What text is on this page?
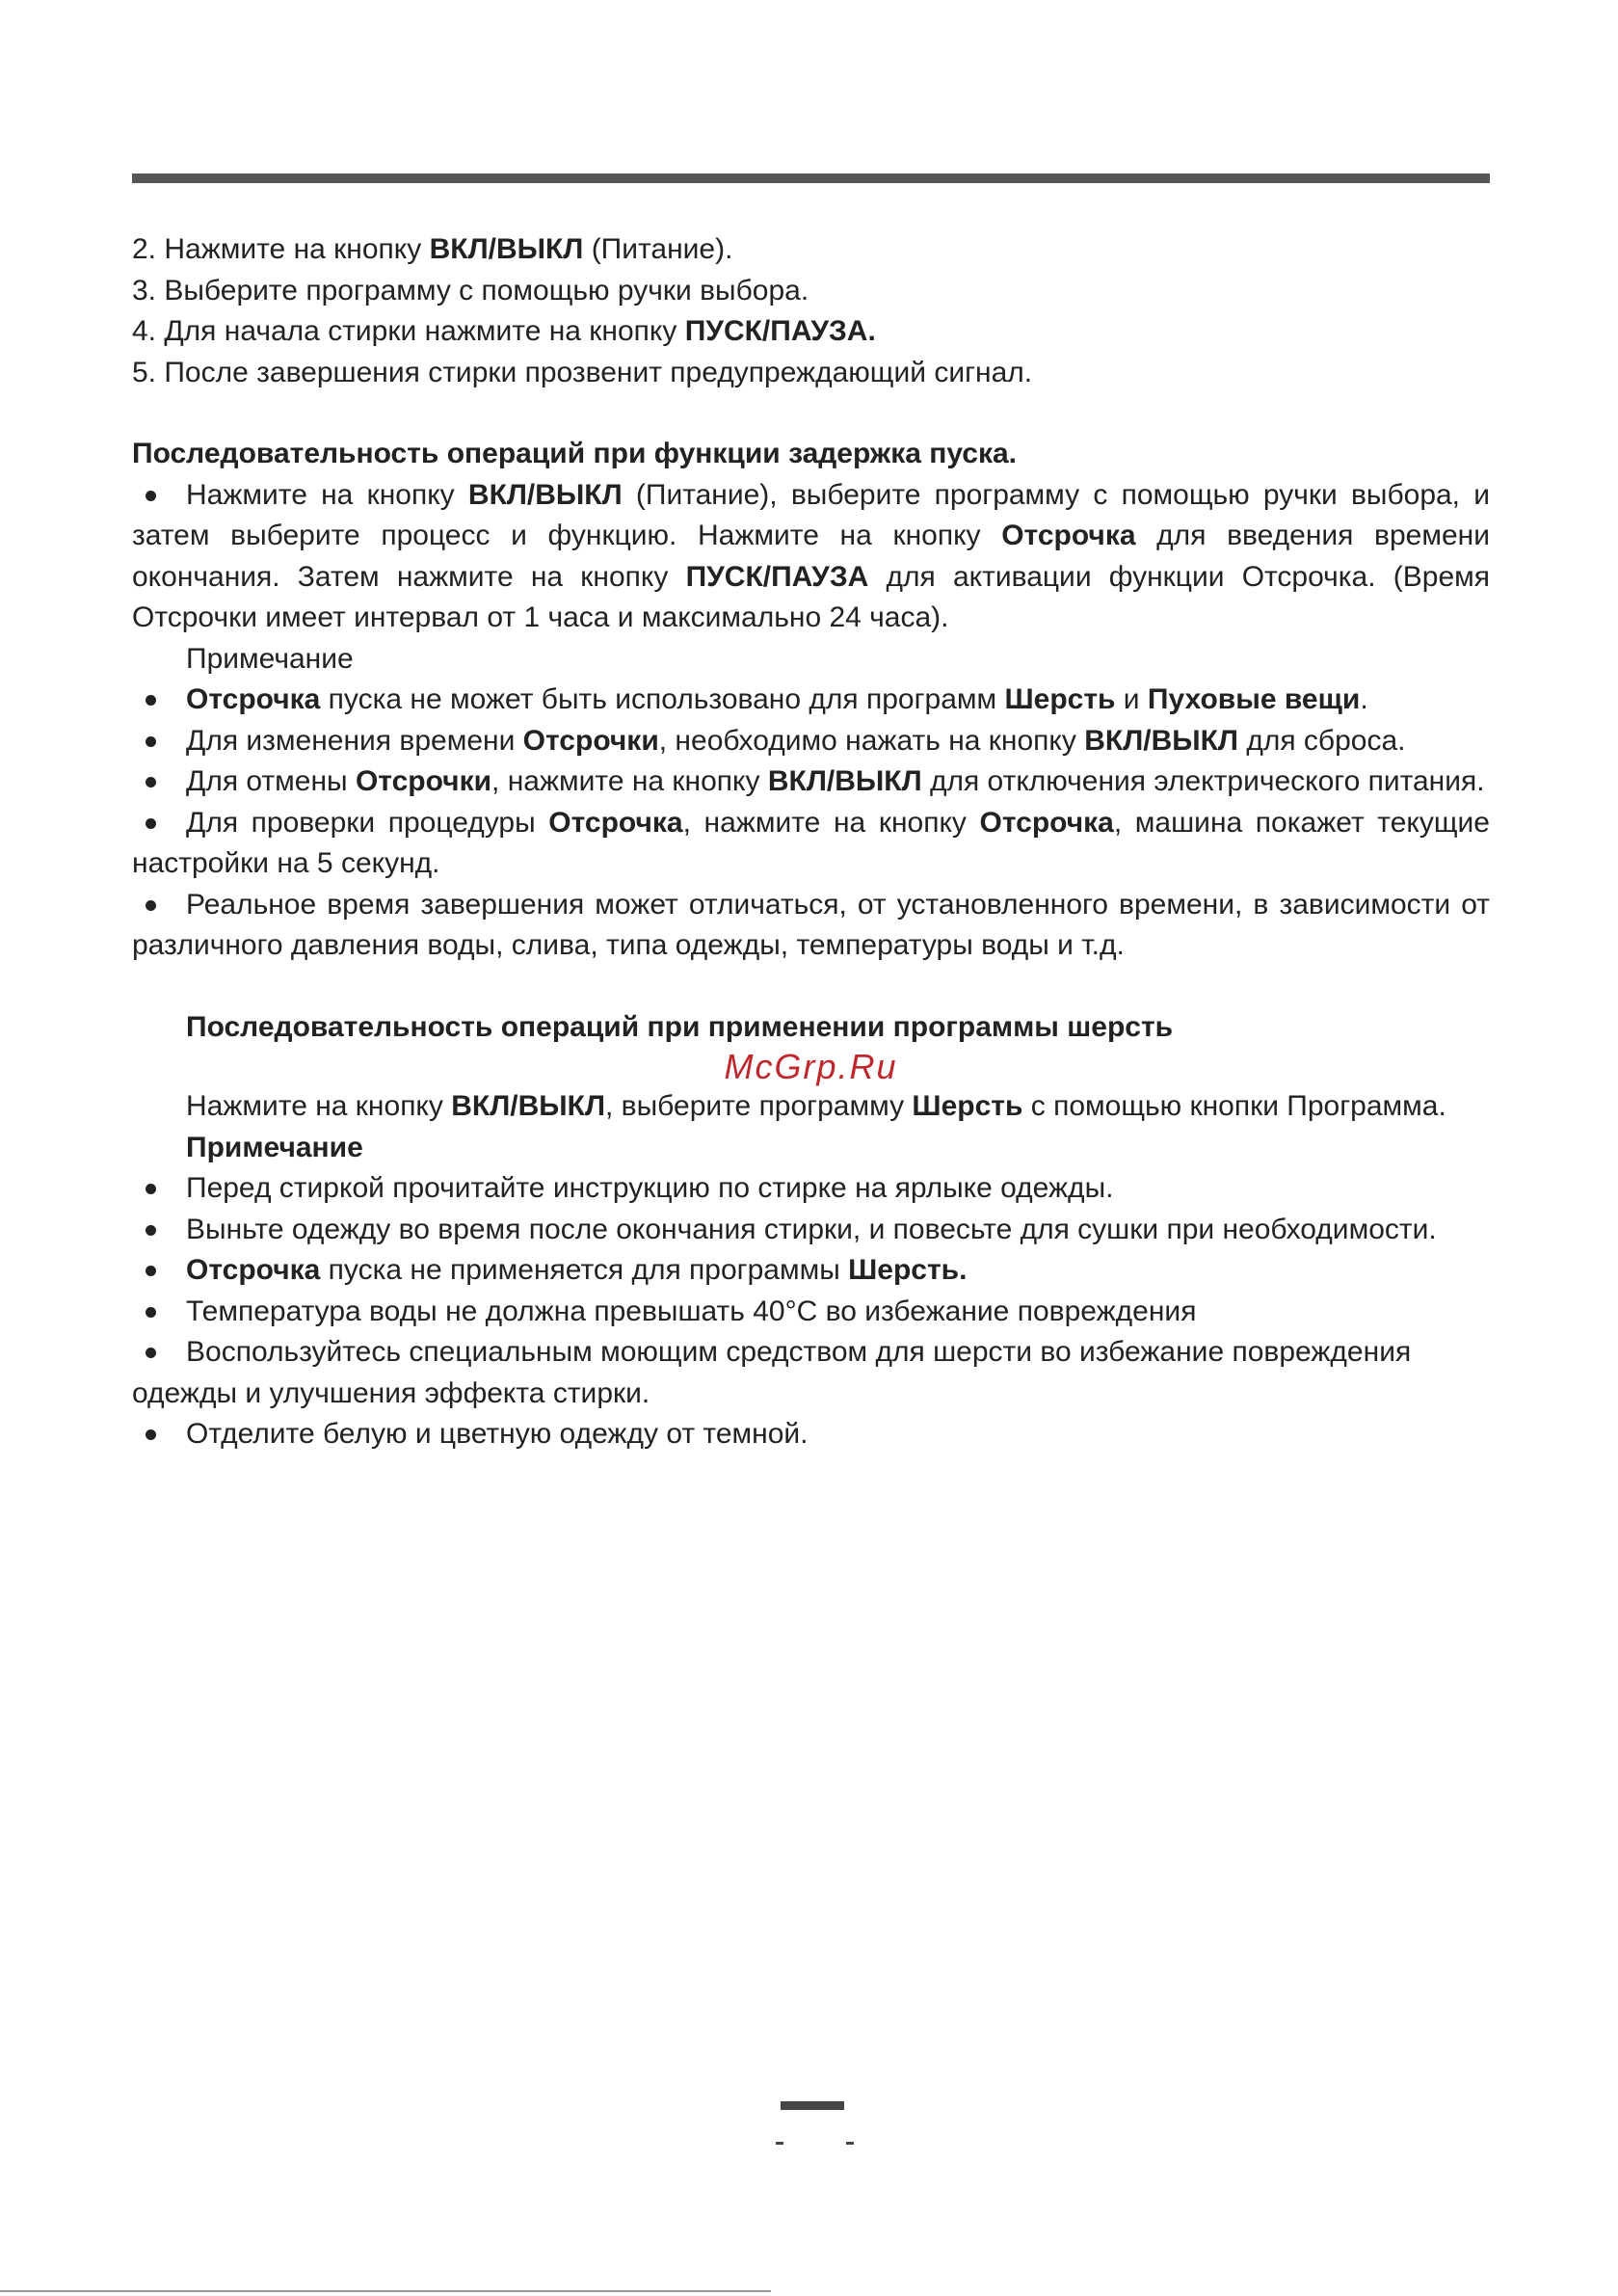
2. Нажмите на кнопку ВКЛ/ВЫКЛ (Питание).

3. Выберите программу с помощью ручки выбора.

4. Для начала стирки нажмите на кнопку ПУСК/ПАУЗА.

5. После завершения стирки прозвенит предупреждающий сигнал.

Последовательность операций при функции задержка пуска.

Нажмите на кнопку ВКЛ/ВЫКЛ (Питание), выберите программу с помощью ручки выбора, и затем выберите процесс и функцию. Нажмите на кнопку Отсрочка для введения времени окончания. Затем нажмите на кнопку ПУСК/ПАУЗА для активации функции Отсрочка. (Время Отсрочки имеет интервал от 1 часа и максимально 24 часа).

Примечание

Отсрочка пуска не может быть использовано для программ Шерсть и Пуховые вещи.

Для изменения времени Отсрочки, необходимо нажать на кнопку ВКЛ/ВЫКЛ для сброса.

Для отмены Отсрочки, нажмите на кнопку ВКЛ/ВЫКЛ для отключения электрического питания.

Для проверки процедуры Отсрочка, нажмите на кнопку Отсрочка, машина покажет текущие настройки на 5 секунд.

Реальное время завершения может отличаться, от установленного времени, в зависимости от различного давления воды, слива, типа одежды, температуры воды и т.д.

Последовательность операций при применении программы шерсть

McGrp.Ru

Нажмите на кнопку ВКЛ/ВЫКЛ, выберите программу Шерсть с помощью кнопки Программа.

Примечание

Перед стиркой прочитайте инструкцию по стирке на ярлыке одежды.

Выньте одежду во время после окончания стирки, и повесьте для сушки при необходимости.

Отсрочка пуска не применяется для программы Шерсть.

Температура воды не должна превышать 40°C во избежание повреждения

Воспользуйтесь специальным моющим средством для шерсти во избежание повреждения одежды и улучшения эффекта стирки.

Отделите белую и цветную одежду от темной.
